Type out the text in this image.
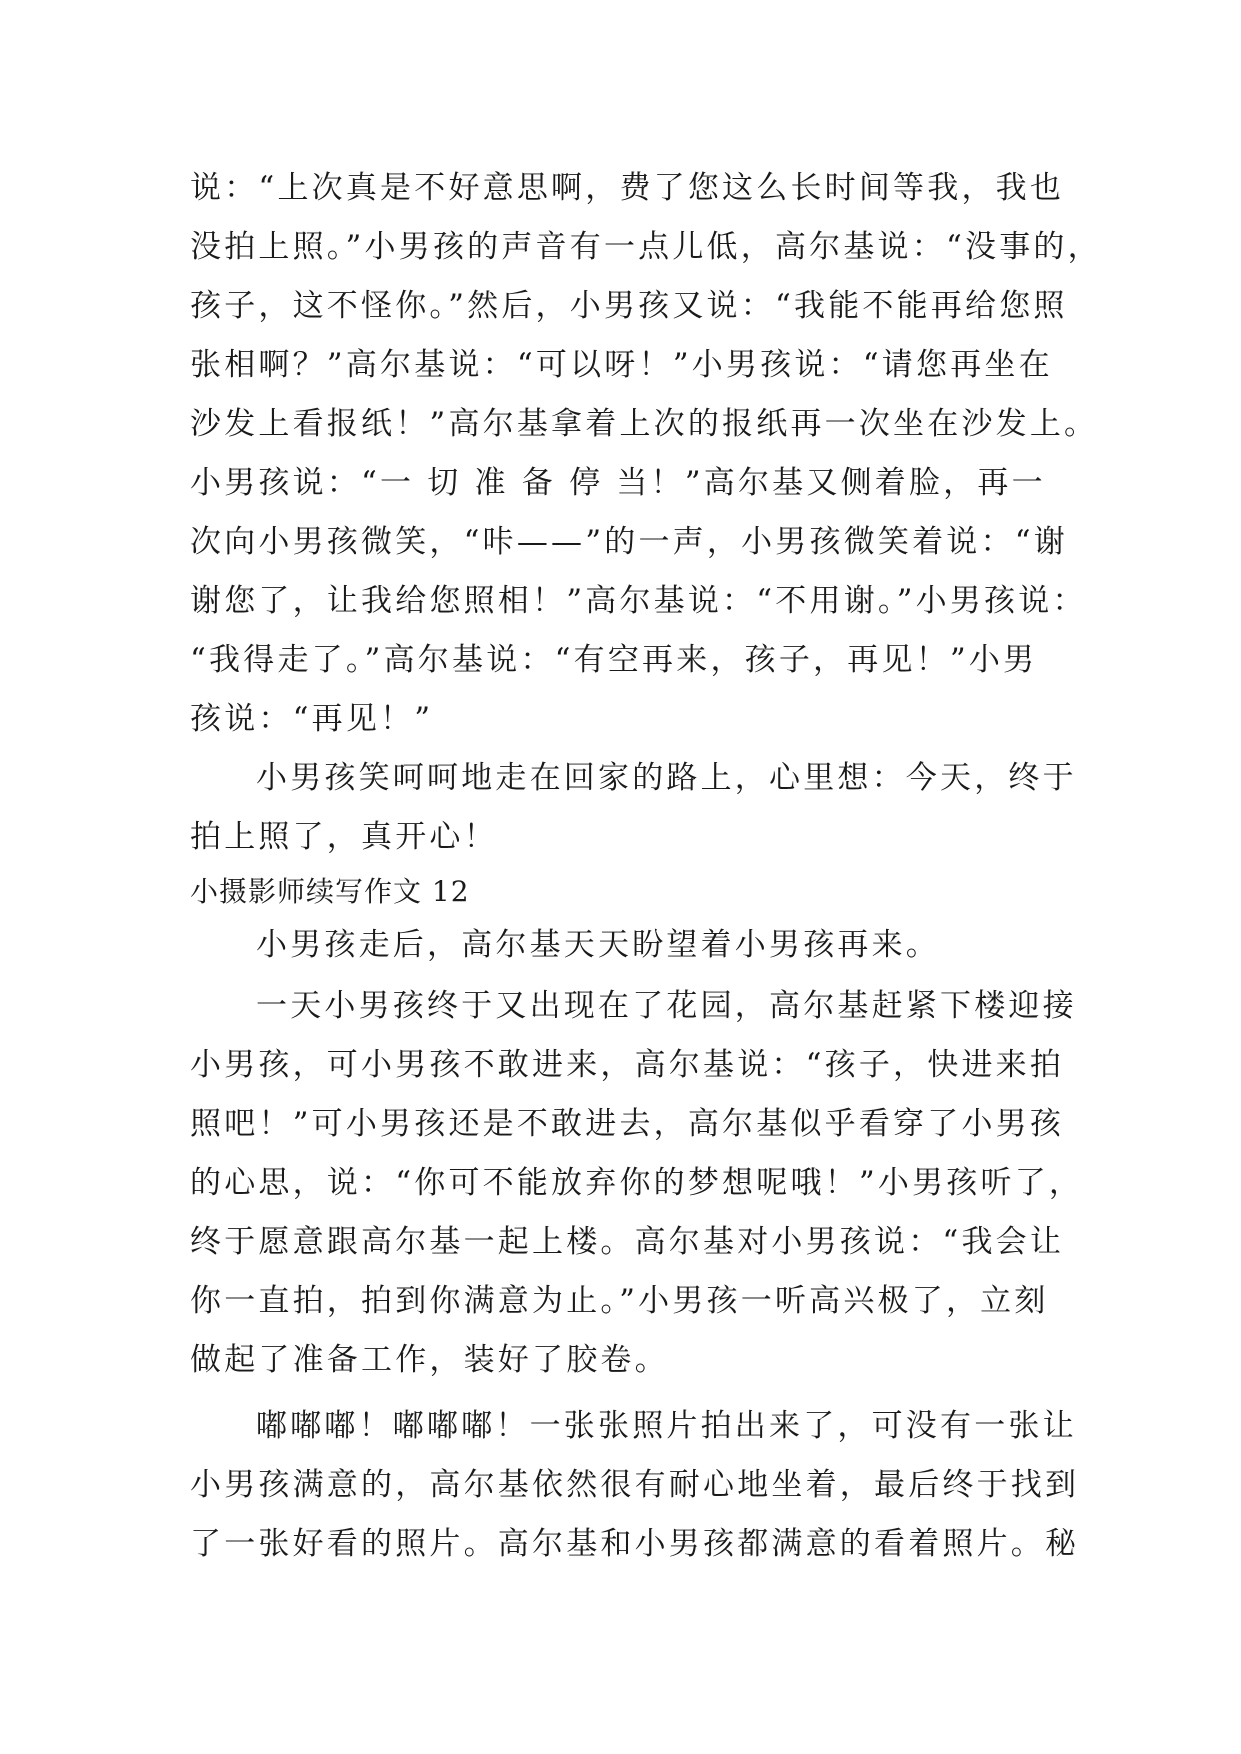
说：“上次真是不好意思啊，费了您这么长时间等我，我也
没拍上照。”小男孩的声音有一点儿低，高尔基说：“没事的，
孩子，这不怪你。”然后，小男孩又说：“我能不能再给您照
张相啊？”高尔基说：“可以呀！”小男孩说：“请您再坐在
沙发上看报纸！”高尔基拿着上次的报纸再一次坐在沙发上。
小男孩说：“一 切 准 备 停 当！”高尔基又侧着脸，再一
次向小男孩微笑，“咔——”的一声，小男孩微笑着说：“谢
谢您了，让我给您照相！”高尔基说：“不用谢。”小男孩说：
“我得走了。”高尔基说：“有空再来，孩子，再见！”小男
孩说：“再见！”
小男孩笑呵呵地走在回家的路上，心里想：今天，终于
拍上照了，真开心！
小摄影师续写作文 12
小男孩走后，高尔基天天盼望着小男孩再来。
一天小男孩终于又出现在了花园，高尔基赶紧下楼迎接
小男孩，可小男孩不敢进来，高尔基说：“孩子，快进来拍
照吧！”可小男孩还是不敢进去，高尔基似乎看穿了小男孩
的心思，说：“你可不能放弃你的梦想呢哦！”小男孩听了，
终于愿意跟高尔基一起上楼。高尔基对小男孩说：“我会让
你一直拍，拍到你满意为止。”小男孩一听高兴极了，立刻
做起了准备工作，装好了胶卷。
嘟嘟嘟！嘟嘟嘟！一张张照片拍出来了，可没有一张让
小男孩满意的，高尔基依然很有耐心地坐着，最后终于找到
了一张好看的照片。高尔基和小男孩都满意的看着照片。秘
